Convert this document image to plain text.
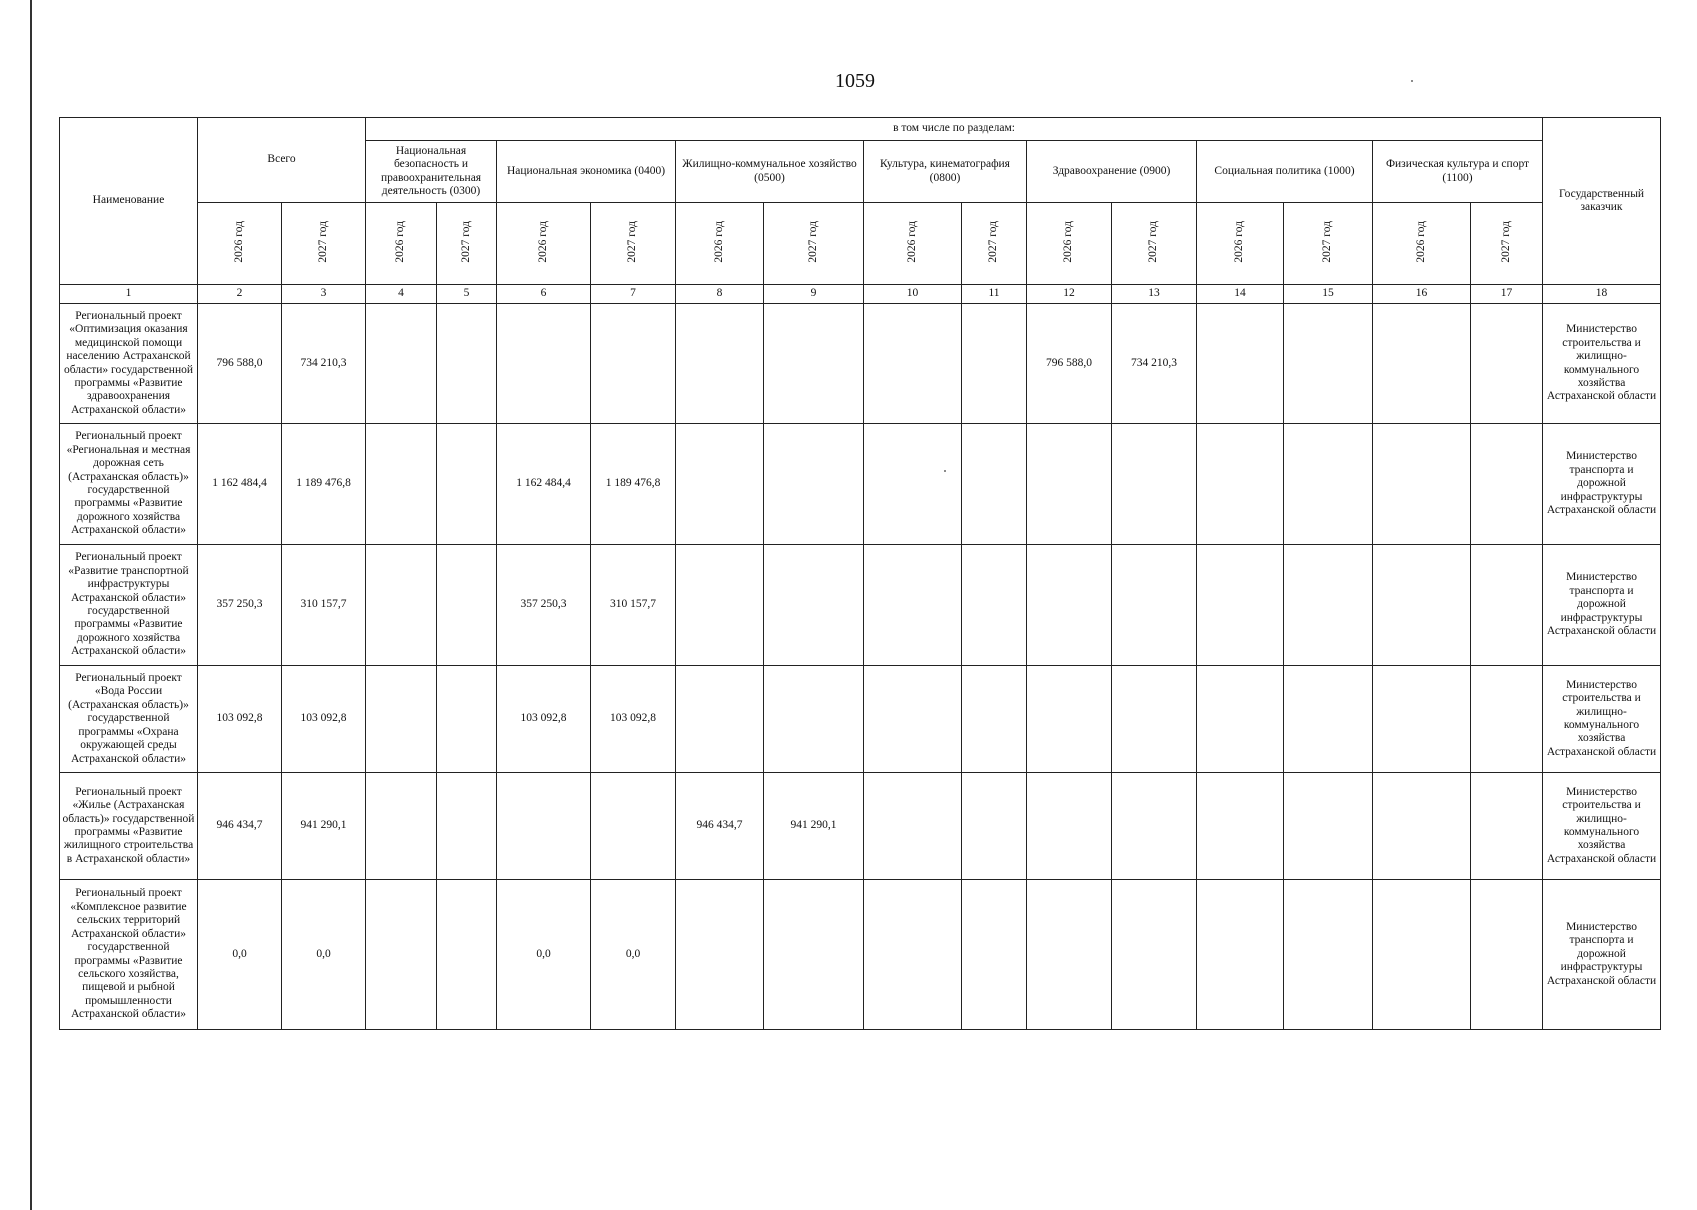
1059
Наименование	Всего		в том числе по разделам:														Государственный заказчик
			Национальная безопасность и правоохранительная деятельность (0300)		Национальная экономика (0400)		Жилищно-коммунальное хозяйство (0500)		Культура, кинематография (0800)		Здравоохранение (0900)		Социальная политика (1000)		Физическая культура и спорт (1100)		
	2026 год	2027 год	2026 год	2027 год	2026 год	2027 год	2026 год	2027 год	2026 год	2027 год	2026 год	2027 год	2026 год	2027 год	2026 год	2027 год	
1	2	3	4	5	6	7	8	9	10	11	12	13	14	15	16	17	18
Региональный проект «Оптимизация оказания медицинской помощи населению Астраханской области» государственной программы «Развитие здравоохранения Астраханской области»	796 588,0	734 210,3									796 588,0	734 210,3					Министерство строительства и жилищно-коммунального хозяйства Астраханской области
Региональный проект «Региональная и местная дорожная сеть (Астраханская область)» государственной программы «Развитие дорожного хозяйства Астраханской области»	1 162 484,4	1 189 476,8			1 162 484,4	1 189 476,8											Министерство транспорта и дорожной инфраструктуры Астраханской области
Региональный проект «Развитие транспортной инфраструктуры Астраханской области» государственной программы «Развитие дорожного хозяйства Астраханской области»	357 250,3	310 157,7			357 250,3	310 157,7											Министерство транспорта и дорожной инфраструктуры Астраханской области
Региональный проект «Вода России (Астраханская область)» государственной программы «Охрана окружающей среды Астраханской области»	103 092,8	103 092,8			103 092,8	103 092,8											Министерство строительства и жилищно-коммунального хозяйства Астраханской области
Региональный проект «Жилье (Астраханская область)» государственной программы «Развитие жилищного строительства в Астраханской области»	946 434,7	941 290,1					946 434,7	941 290,1									Министерство строительства и жилищно-коммунального хозяйства Астраханской области
Региональный проект «Комплексное развитие сельских территорий Астраханской области» государственной программы «Развитие сельского хозяйства, пищевой и рыбной промышленности Астраханской области»	0,0	0,0			0,0	0,0											Министерство транспорта и дорожной инфраструктуры Астраханской области
